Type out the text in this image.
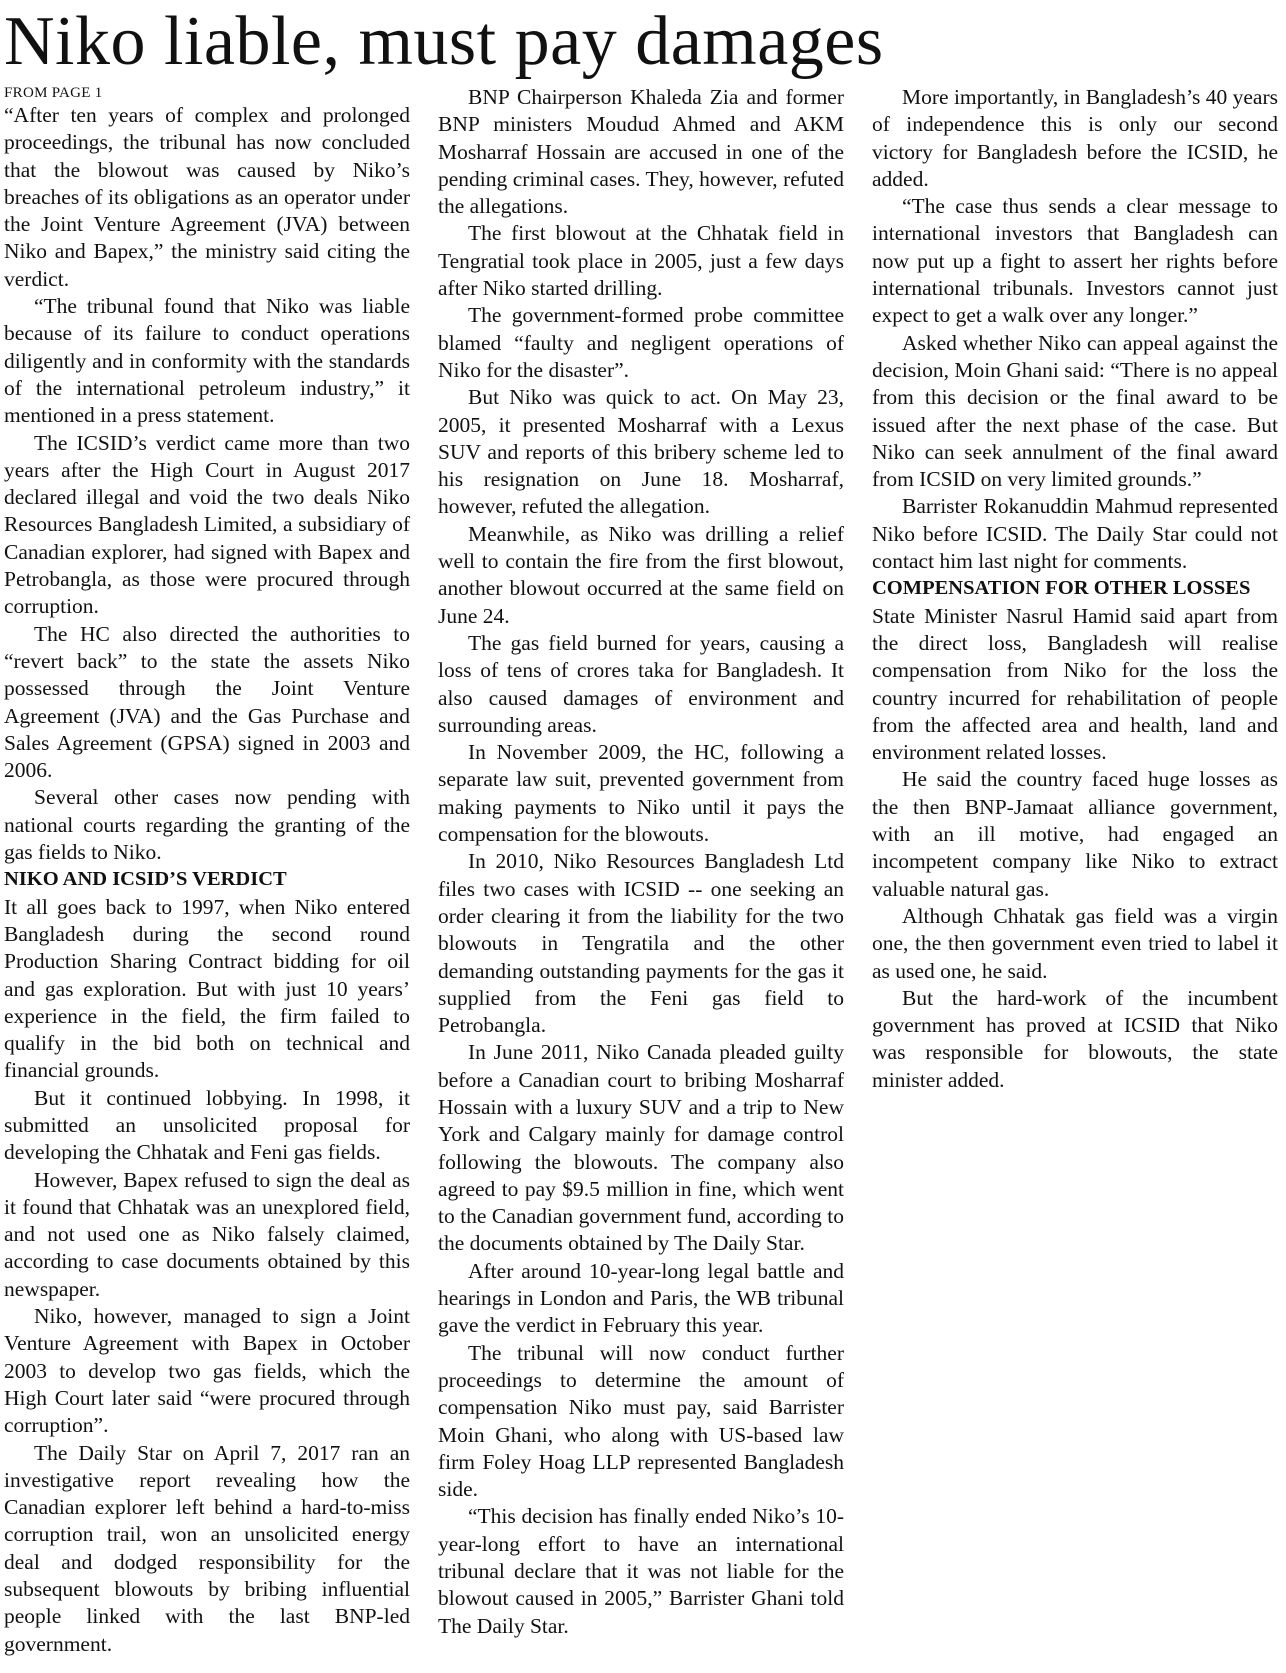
Niko liable, must pay damages

FROM PAGE 1

“After ten years of complex and prolonged proceedings, the tribunal has now concluded that the blowout was caused by Niko’s breaches of its obligations as an operator under the Joint Venture Agreement (JVA) between Niko and Bapex,” the ministry said citing the verdict.

“The tribunal found that Niko was liable because of its failure to conduct operations diligently and in conformity with the standards of the international petroleum industry,” it mentioned in a press statement.

The ICSID’s verdict came more than two years after the High Court in August 2017 declared illegal and void the two deals Niko Resources Bangladesh Limited, a subsidiary of Canadian explorer, had signed with Bapex and Petrobangla, as those were procured through corruption.

The HC also directed the authorities to “revert back” to the state the assets Niko possessed through the Joint Venture Agreement (JVA) and the Gas Purchase and Sales Agreement (GPSA) signed in 2003 and 2006.

Several other cases now pending with national courts regarding the granting of the gas fields to Niko.

NIKO AND ICSID’S VERDICT

It all goes back to 1997, when Niko entered Bangladesh during the second round Production Sharing Contract bidding for oil and gas exploration. But with just 10 years’ experience in the field, the firm failed to qualify in the bid both on technical and financial grounds.

But it continued lobbying. In 1998, it submitted an unsolicited proposal for developing the Chhatak and Feni gas fields.

However, Bapex refused to sign the deal as it found that Chhatak was an unexplored field, and not used one as Niko falsely claimed, according to case documents obtained by this newspaper.

Niko, however, managed to sign a Joint Venture Agreement with Bapex in October 2003 to develop two gas fields, which the High Court later said “were procured through corruption”.

The Daily Star on April 7, 2017 ran an investigative report revealing how the Canadian explorer left behind a hard-to-miss corruption trail, won an unsolicited energy deal and dodged responsibility for the subsequent blowouts by bribing influential people linked with the last BNP-led government.

BNP Chairperson Khaleda Zia and former BNP ministers Moudud Ahmed and AKM Mosharraf Hossain are accused in one of the pending criminal cases. They, however, refuted the allegations.

The first blowout at the Chhatak field in Tengratial took place in 2005, just a few days after Niko started drilling.

The government-formed probe committee blamed “faulty and negligent operations of Niko for the disaster”.

But Niko was quick to act. On May 23, 2005, it presented Mosharraf with a Lexus SUV and reports of this bribery scheme led to his resignation on June 18. Mosharraf, however, refuted the allegation.

Meanwhile, as Niko was drilling a relief well to contain the fire from the first blowout, another blowout occurred at the same field on June 24.

The gas field burned for years, causing a loss of tens of crores taka for Bangladesh. It also caused damages of environment and surrounding areas.

In November 2009, the HC, following a separate law suit, prevented government from making payments to Niko until it pays the compensation for the blowouts.

In 2010, Niko Resources Bangladesh Ltd files two cases with ICSID -- one seeking an order clearing it from the liability for the two blowouts in Tengratila and the other demanding outstanding payments for the gas it supplied from the Feni gas field to Petrobangla.

In June 2011, Niko Canada pleaded guilty before a Canadian court to bribing Mosharraf Hossain with a luxury SUV and a trip to New York and Calgary mainly for damage control following the blowouts. The company also agreed to pay $9.5 million in fine, which went to the Canadian government fund, according to the documents obtained by The Daily Star.

After around 10-year-long legal battle and hearings in London and Paris, the WB tribunal gave the verdict in February this year.

The tribunal will now conduct further proceedings to determine the amount of compensation Niko must pay, said Barrister Moin Ghani, who along with US-based law firm Foley Hoag LLP represented Bangladesh side.

“This decision has finally ended Niko’s 10-year-long effort to have an international tribunal declare that it was not liable for the blowout caused in 2005,” Barrister Ghani told The Daily Star.

More importantly, in Bangladesh’s 40 years of independence this is only our second victory for Bangladesh before the ICSID, he added.

“The case thus sends a clear message to international investors that Bangladesh can now put up a fight to assert her rights before international tribunals. Investors cannot just expect to get a walk over any longer.”

Asked whether Niko can appeal against the decision, Moin Ghani said: “There is no appeal from this decision or the final award to be issued after the next phase of the case. But Niko can seek annulment of the final award from ICSID on very limited grounds.”

Barrister Rokanuddin Mahmud represented Niko before ICSID. The Daily Star could not contact him last night for comments.

COMPENSATION FOR OTHER LOSSES

State Minister Nasrul Hamid said apart from the direct loss, Bangladesh will realise compensation from Niko for the loss the country incurred for rehabilitation of people from the affected area and health, land and environment related losses.

He said the country faced huge losses as the then BNP-Jamaat alliance government, with an ill motive, had engaged an incompetent company like Niko to extract valuable natural gas.

Although Chhatak gas field was a virgin one, the then government even tried to label it as used one, he said.

But the hard-work of the incumbent government has proved at ICSID that Niko was responsible for blowouts, the state minister added.
